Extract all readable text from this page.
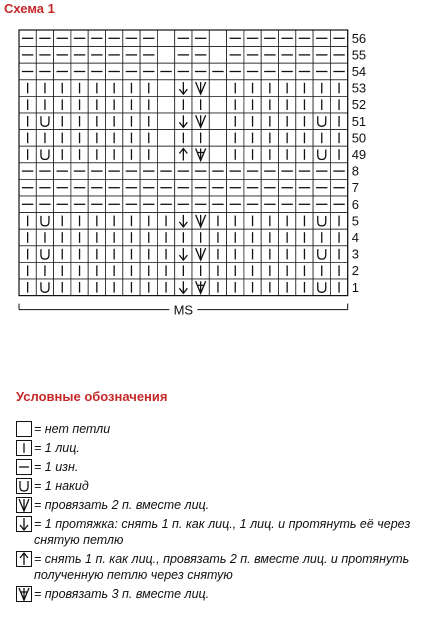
Схема 1
56
55
54
53
52
51
50
49
8
7
6
5
4
3
2
1
MS
Условные обозначения
= нет петли
= 1 лиц.
= 1 изн.
= 1 накид
= провязать 2 п. вместе лиц.
= 1 протяжка: снять 1 п. как лиц., 1 лиц. и протянуть её через снятую петлю
= снять 1 п. как лиц., провязать 2 п. вместе лиц. и протянуть полученную петлю через снятую
= провязать 3 п. вместе лиц.
